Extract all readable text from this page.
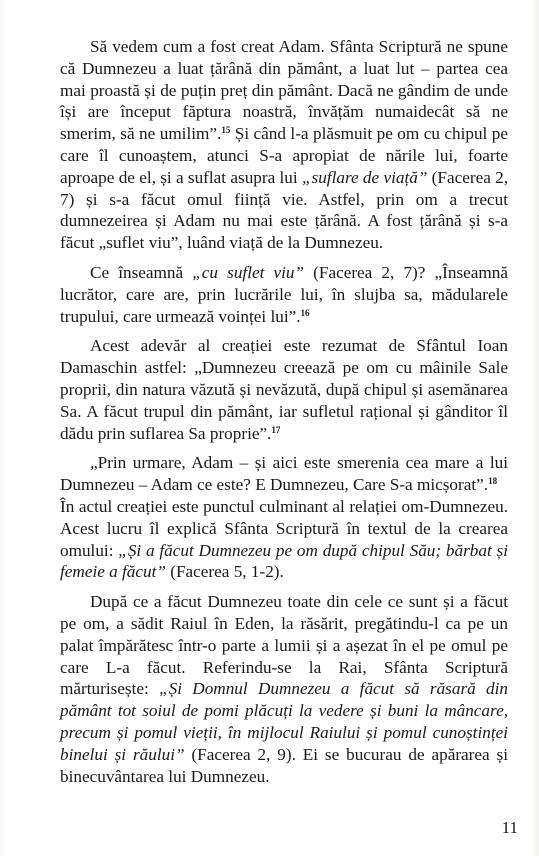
Să vedem cum a fost creat Adam. Sfânta Scriptură ne spune că Dumnezeu a luat țărână din pământ, a luat lut – partea cea mai proastă și de puțin preț din pământ. Dacă ne gândim de unde își are început făptura noastră, învățăm numaidecât să ne smerim, să ne umilim”.$^{15}$ Și când l-a plăsmuit pe om cu chipul pe care îl cunoaștem, atunci S-a apropiat de nările lui, foarte aproape de el, și a suflat asupra lui „suflare de viață” (Facerea 2, 7) și s-a făcut omul ființă vie. Astfel, prin om a trecut dumnezeirea și Adam nu mai este țărână. A fost țărână și s-a făcut „suflet viu”, luând viață de la Dumnezeu.

Ce înseamnă „cu suflet viu” (Facerea 2, 7)? „Înseamnă lucrător, care are, prin lucrările lui, în slujba sa, mădularele trupului, care urmează voinței lui”.$^{16}$

Acest adevăr al creației este rezumat de Sfântul Ioan Damaschin astfel: „Dumnezeu creează pe om cu mâinile Sale proprii, din natura văzută și nevăzută, după chipul și asemănarea Sa. A făcut trupul din pământ, iar sufletul rațional și gânditor îl dădu prin suflarea Sa proprie”.$^{17}$

„Prin urmare, Adam – și aici este smerenia cea mare a lui Dumnezeu – Adam ce este? E Dumnezeu, Care S-a micșorat”.$^{18}$

În actul creației este punctul culminant al relației om-Dumnezeu. Acest lucru îl explică Sfânta Scriptură în textul de la crearea omului: „Și a făcut Dumnezeu pe om după chipul Său; bărbat și femeie a făcut” (Facerea 5, 1-2).

După ce a făcut Dumnezeu toate din cele ce sunt și a făcut pe om, a sădit Raiul în Eden, la răsărit, pregătindu-l ca pe un palat împărătesc într-o parte a lumii și a așezat în el pe omul pe care L-a făcut. Referindu-se la Rai, Sfânta Scriptură mărturisește: „Și Domnul Dumnezeu a făcut să răsară din pământ tot soiul de pomi plăcuți la vedere și buni la mâncare, precum și pomul vieții, în mijlocul Raiului și pomul cunoștinței binelui și răului” (Facerea 2, 9). Ei se bucurau de apărarea și binecuvântarea lui Dumnezeu.

11
